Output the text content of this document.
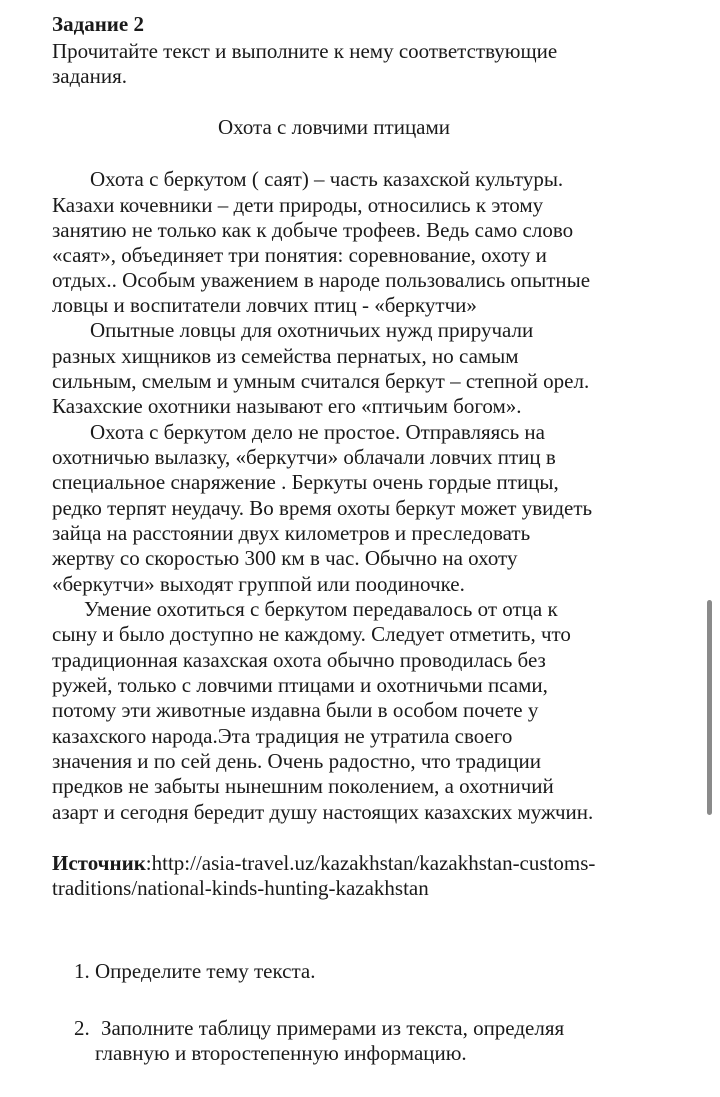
Задание 2

Прочитайте текст и выполните к нему соответствующие

задания.

Охота с ловчими птицами

Охота с беркутом ( саят) – часть казахской культуры.

Казахи кочевники – дети природы, относились к этому

занятию не только как к добыче трофеев. Ведь само слово

«саят», объединяет три понятия: соревнование, охоту и

отдых.. Особым уважением в народе пользовались опытные

ловцы и воспитатели ловчих птиц - «беркутчи»

Опытные ловцы для охотничьих нужд приручали

разных хищников из семейства пернатых, но самым

сильным, смелым и умным считался беркут – степной орел.

Казахские охотники называют его «птичьим богом».

Охота с беркутом дело не простое. Отправляясь на

охотничью вылазку, «беркутчи» облачали ловчих птиц в

специальное снаряжение . Беркуты очень гордые птицы,

редко терпят неудачу. Во время охоты беркут может увидеть

зайца на расстоянии двух километров и преследовать

жертву со скоростью 300 км в час. Обычно на охоту

«беркутчи» выходят группой или поодиночке.

Умение охотиться с беркутом передавалось от отца к

сыну и было доступно не каждому. Следует отметить, что

традиционная казахская охота обычно проводилась без

ружей, только с ловчими птицами и охотничьми псами,

потому эти животные издавна были в особом почете у

казахского народа.Эта традиция не утратила своего

значения и по сей день. Очень радостно, что традиции

предков не забыты нынешним поколением, а охотничий

азарт и сегодня бередит душу настоящих казахских мужчин.

Источник:http://asia-travel.uz/kazakhstan/kazakhstan-customs-

traditions/national-kinds-hunting-kazakhstan

1. Определите тему текста.

2. Заполните таблицу примерами из текста, определяя

главную и второстепенную информацию.
